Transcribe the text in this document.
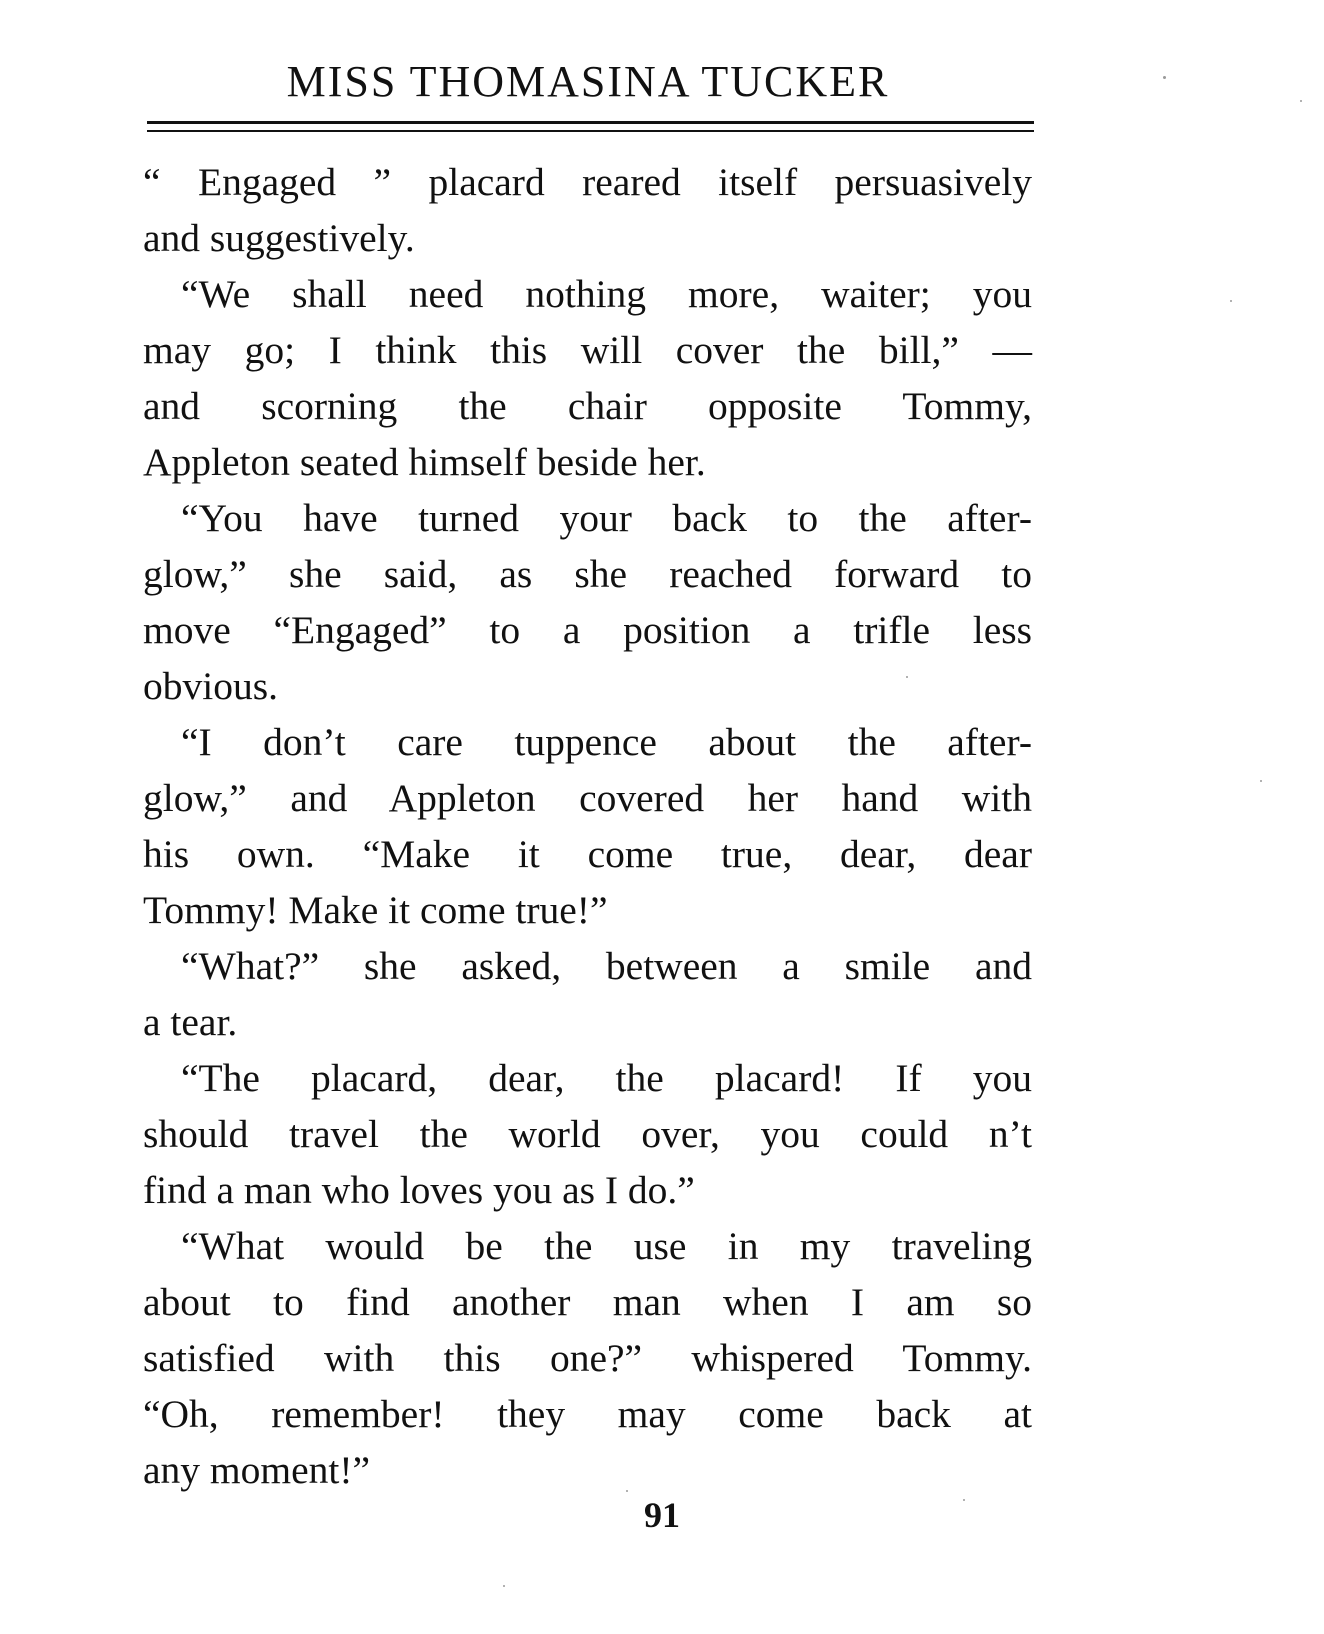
MISS THOMASINA TUCKER
“ Engaged ” placard reared itself persuasively
and suggestively.
“We shall need nothing more, waiter; you
may go; I think this will cover the bill,” —
and scorning the chair opposite Tommy,
Appleton seated himself beside her.
“You have turned your back to the after-
glow,” she said, as she reached forward to
move “Engaged” to a position a trifle less
obvious.
“I don’t care tuppence about the after-
glow,” and Appleton covered her hand with
his own. “Make it come true, dear, dear
Tommy! Make it come true!”
“What?” she asked, between a smile and
a tear.
“The placard, dear, the placard! If you
should travel the world over, you could n’t
find a man who loves you as I do.”
“What would be the use in my traveling
about to find another man when I am so
satisfied with this one?” whispered Tommy.
“Oh, remember! they may come back at
any moment!”
91
